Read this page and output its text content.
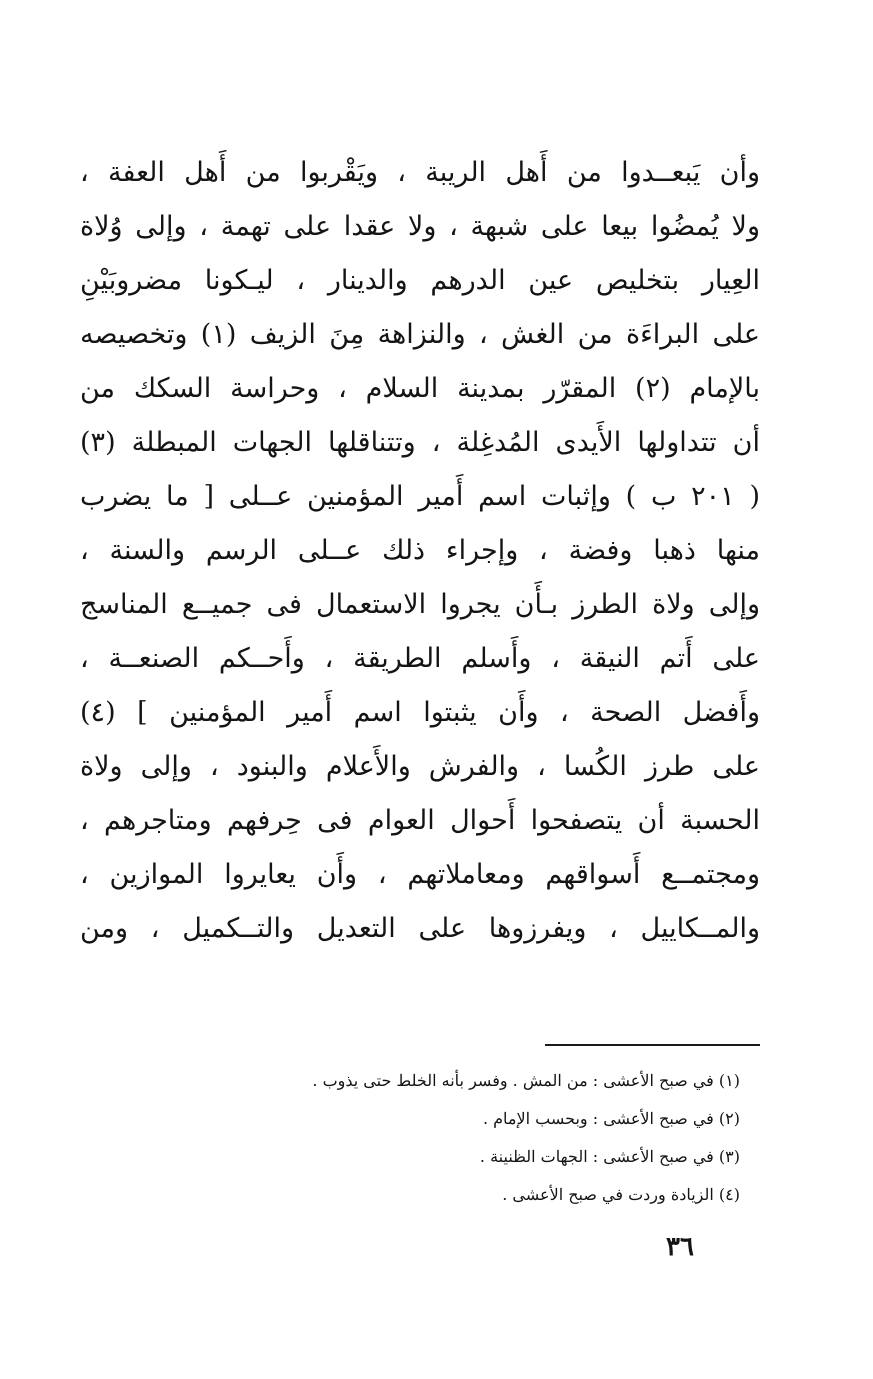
وأن يَبعــدوا من أَهل الريبة ، ويَقْربوا من أَهل العفة ،
ولا يُمضُوا بيعا على شبهة ، ولا عقدا على تهمة ، وإلى وُلاة
العِيار بتخليص عين الدرهم والدينار ، ليـكونا مضروبَيْنِ
على البراءَة من الغش ، والنزاهة مِنَ الزيف (١) وتخصيصه
بالإمام (٢) المقرّر بمدينة السلام ، وحراسة السكك من
أن تتداولها الأَيدى المُدغِلة ، وتتناقلها الجهات المبطلة (٣)
( ٢٠١ ب ) وإثبات اسم أَمير المؤمنين عــلى [ ما يضرب
منها ذهبا وفضة ، وإجراء ذلك عــلى الرسم والسنة ،
وإلى ولاة الطرز بـأَن يجروا الاستعمال فى جميــع المناسج
على أَتم النيقة ، وأَسلم الطريقة ، وأَحــكم الصنعــة ،
وأَفضل الصحة ، وأَن يثبتوا اسم أَمير المؤمنين ] (٤)
على طرز الكُسا ، والفرش والأَعلام والبنود ، وإلى ولاة
الحسبة أن يتصفحوا أَحوال العوام فى حِرفهم ومتاجرهم ،
ومجتمــع أَسواقهم ومعاملاتهم ، وأَن يعايروا الموازين ،
والمــكاييل ، ويفرزوها على التعديل والتــكميل ، ومن
(١) في صبح الأعشى : من المش . وفسر بأنه الخلط حتى يذوب .
(٢) في صبح الأعشى : وبحسب الإمام .
(٣) في صبح الأعشى : الجهات الظنينة .
(٤) الزيادة وردت في صبح الأعشى .
٣٦
